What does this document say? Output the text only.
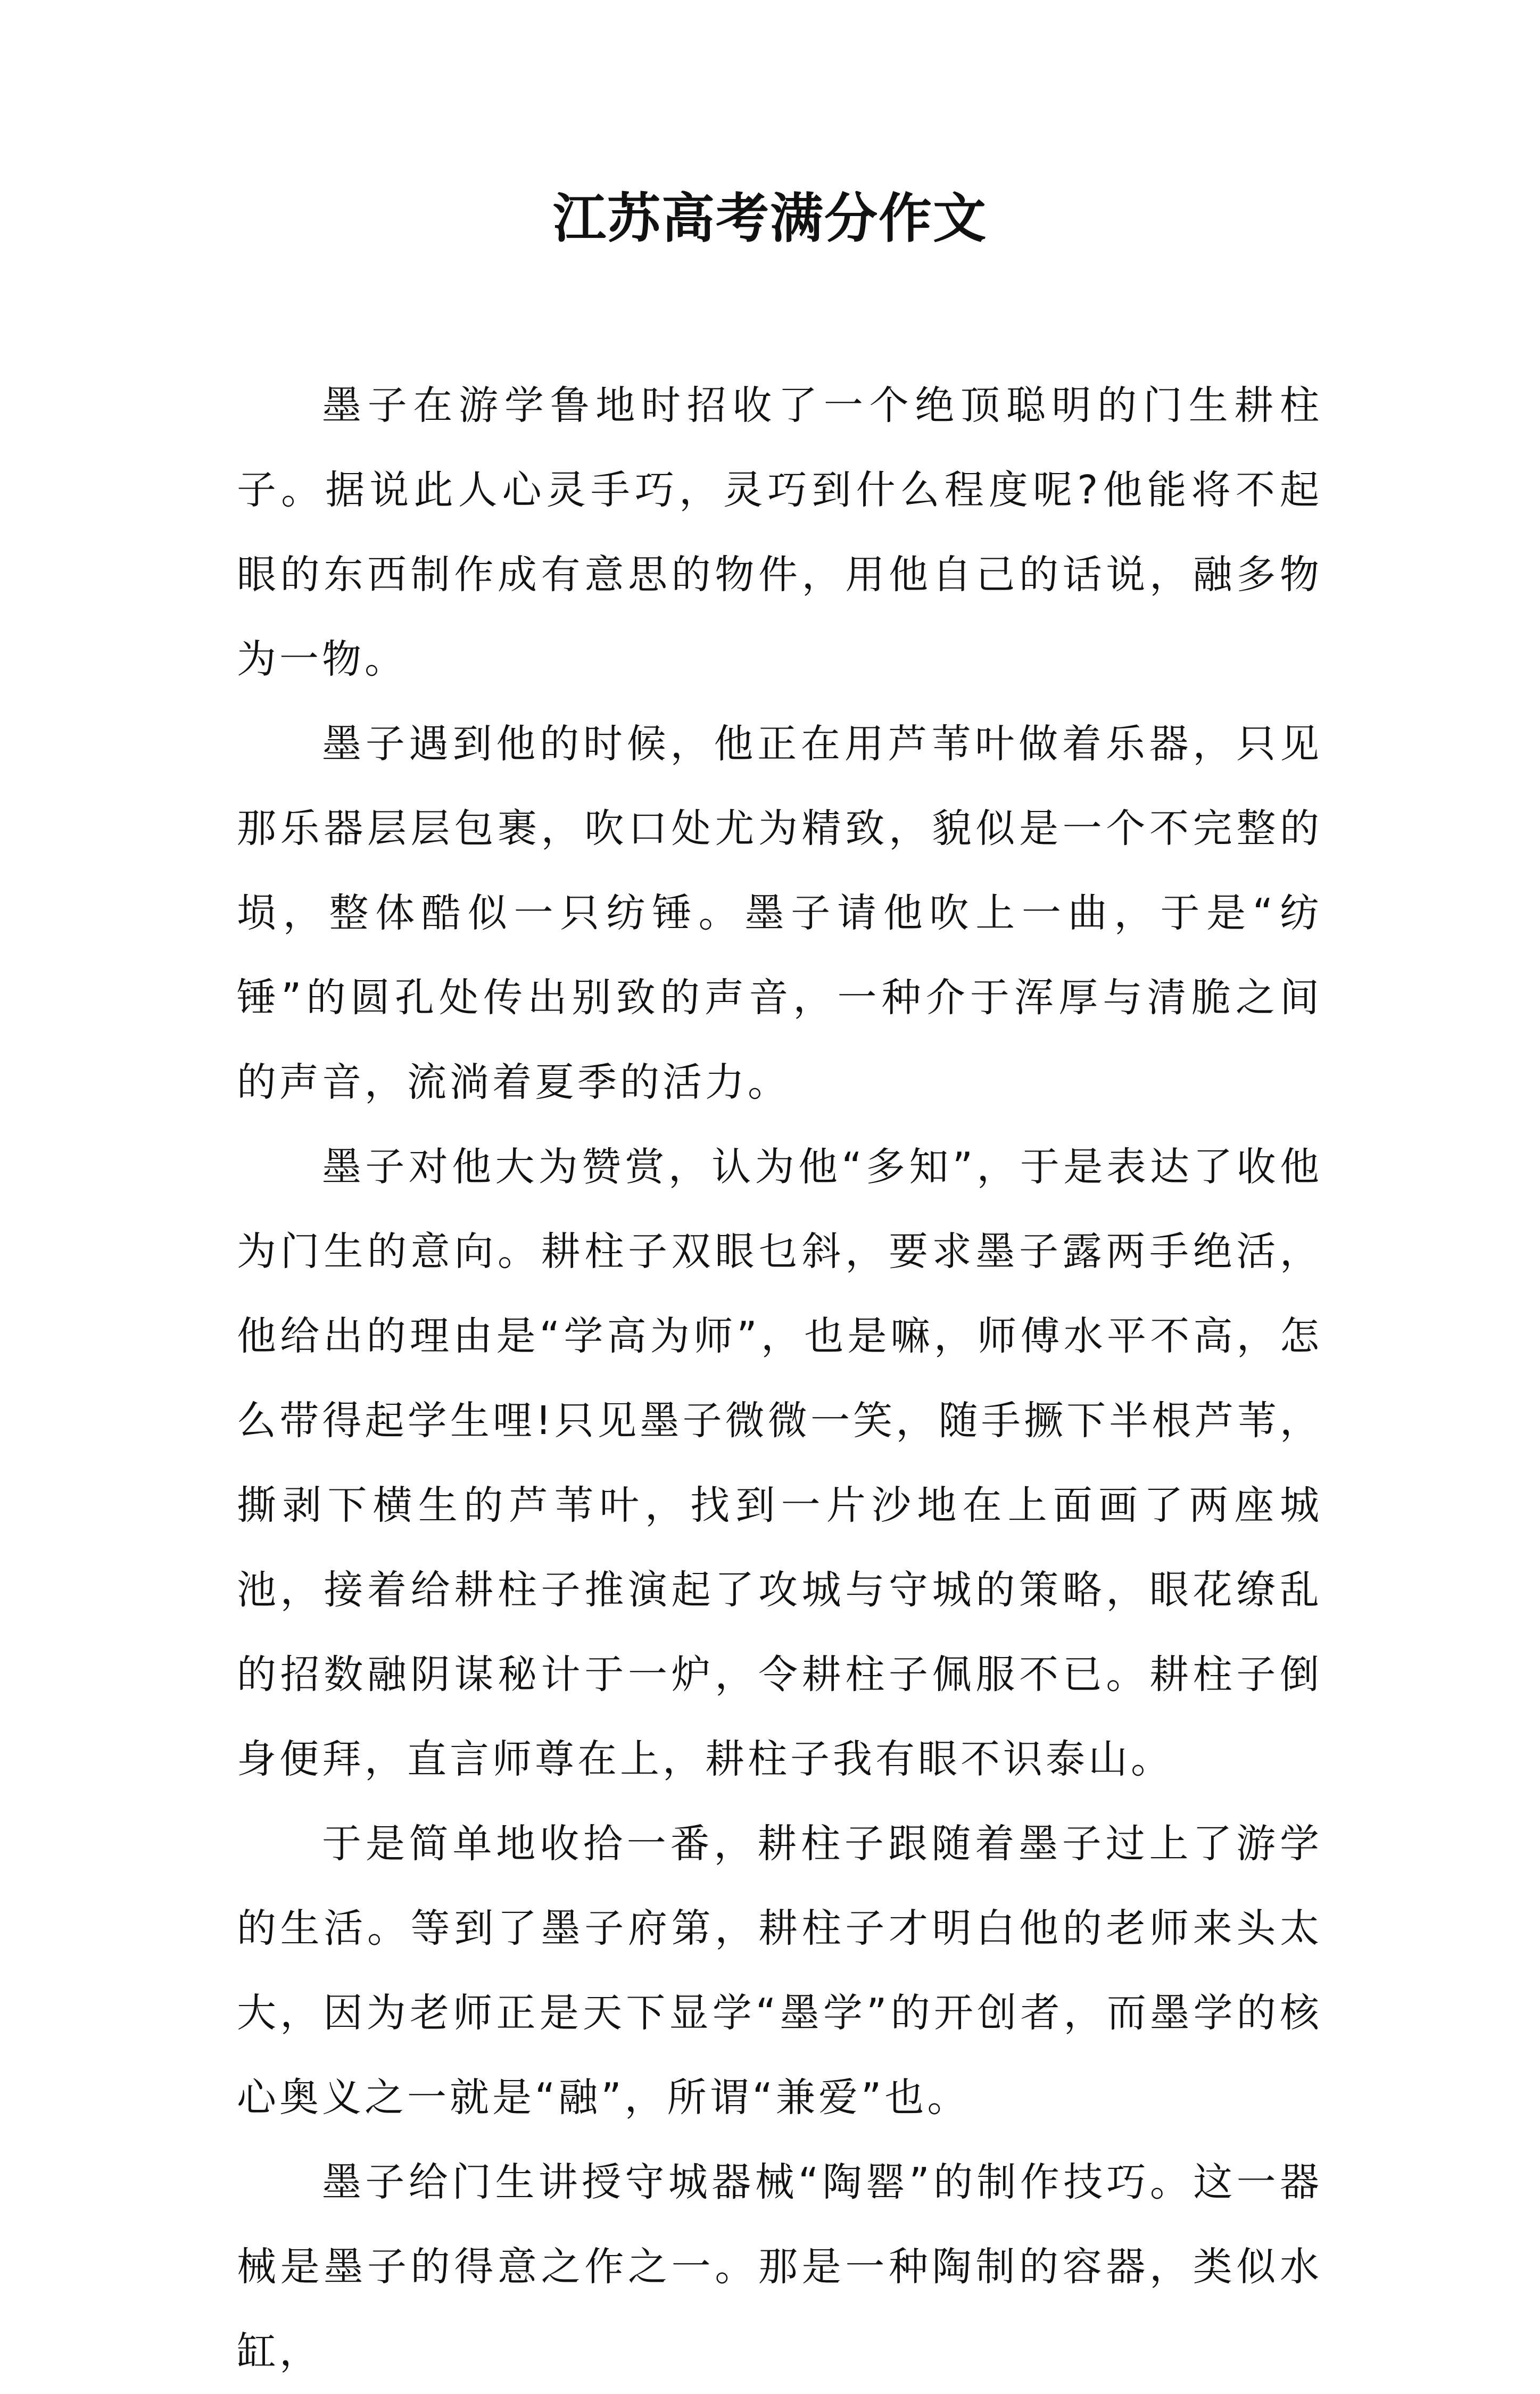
江苏高考满分作文

墨子在游学鲁地时招收了一个绝顶聪明的门生耕柱子。据说此人心灵手巧，灵巧到什么程度呢?他能将不起眼的东西制作成有意思的物件，用他自己的话说，融多物为一物。

墨子遇到他的时候，他正在用芦苇叶做着乐器，只见那乐器层层包裹，吹口处尤为精致，貌似是一个不完整的埙，整体酷似一只纺锤。墨子请他吹上一曲，于是“纺锤”的圆孔处传出别致的声音，一种介于浑厚与清脆之间的声音，流淌着夏季的活力。

墨子对他大为赞赏，认为他“多知”，于是表达了收他为门生的意向。耕柱子双眼乜斜，要求墨子露两手绝活，他给出的理由是“学高为师”，也是嘛，师傅水平不高，怎么带得起学生哩!只见墨子微微一笑，随手撅下半根芦苇，撕剥下横生的芦苇叶，找到一片沙地在上面画了两座城池，接着给耕柱子推演起了攻城与守城的策略，眼花缭乱的招数融阴谋秘计于一炉，令耕柱子佩服不已。耕柱子倒身便拜，直言师尊在上，耕柱子我有眼不识泰山。

于是简单地收拾一番，耕柱子跟随着墨子过上了游学的生活。等到了墨子府第，耕柱子才明白他的老师来头太大，因为老师正是天下显学“墨学”的开创者，而墨学的核心奥义之一就是“融”，所谓“兼爱”也。

墨子给门生讲授守城器械“陶罂”的制作技巧。这一器械是墨子的得意之作之一。那是一种陶制的容器，类似水缸，
